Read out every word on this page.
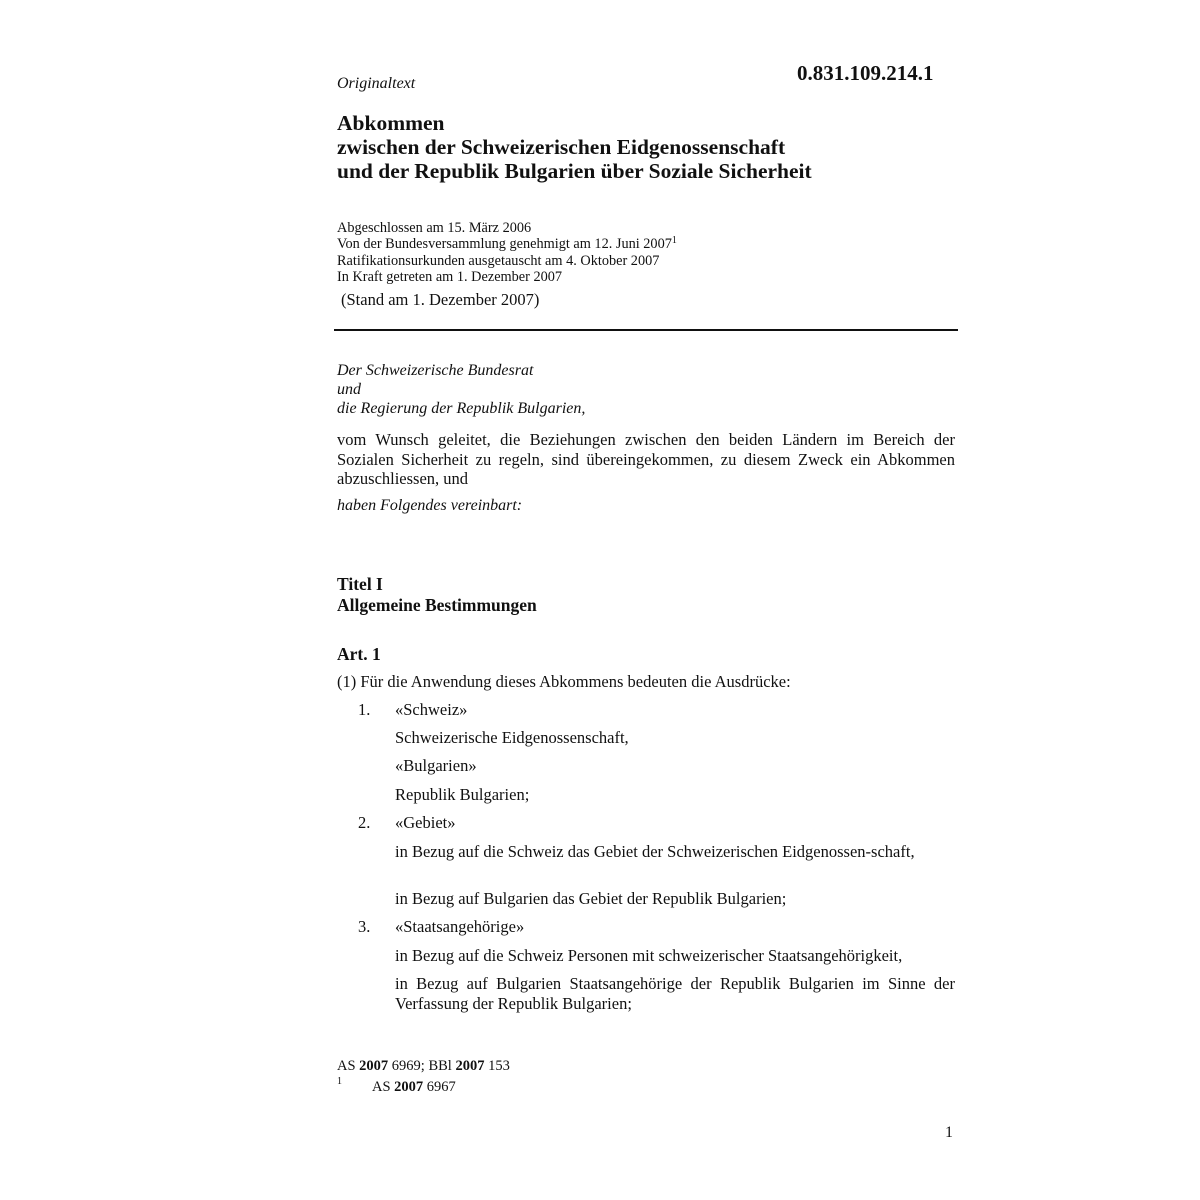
0.831.109.214.1
Originaltext
Abkommen
zwischen der Schweizerischen Eidgenossenschaft
und der Republik Bulgarien über Soziale Sicherheit
Abgeschlossen am 15. März 2006
Von der Bundesversammlung genehmigt am 12. Juni 2007$^1$
Ratifikationsurkunden ausgetauscht am 4. Oktober 2007
In Kraft getreten am 1. Dezember 2007
(Stand am 1. Dezember 2007)
Der Schweizerische Bundesrat
und
die Regierung der Republik Bulgarien,
vom Wunsch geleitet, die Beziehungen zwischen den beiden Ländern im Bereich der Sozialen Sicherheit zu regeln, sind übereingekommen, zu diesem Zweck ein Abkommen abzuschliessen, und
haben Folgendes vereinbart:
Titel I
Allgemeine Bestimmungen
Art. 1
(1) Für die Anwendung dieses Abkommens bedeuten die Ausdrücke:
1. «Schweiz»
Schweizerische Eidgenossenschaft,
«Bulgarien»
Republik Bulgarien;
2. «Gebiet»
in Bezug auf die Schweiz das Gebiet der Schweizerischen Eidgenossen-schaft,
in Bezug auf Bulgarien das Gebiet der Republik Bulgarien;
3. «Staatsangehörige»
in Bezug auf die Schweiz Personen mit schweizerischer Staatsangehörigkeit,
in Bezug auf Bulgarien Staatsangehörige der Republik Bulgarien im Sinne der Verfassung der Republik Bulgarien;
AS 2007 6969; BBl 2007 153
1 AS 2007 6967
1
